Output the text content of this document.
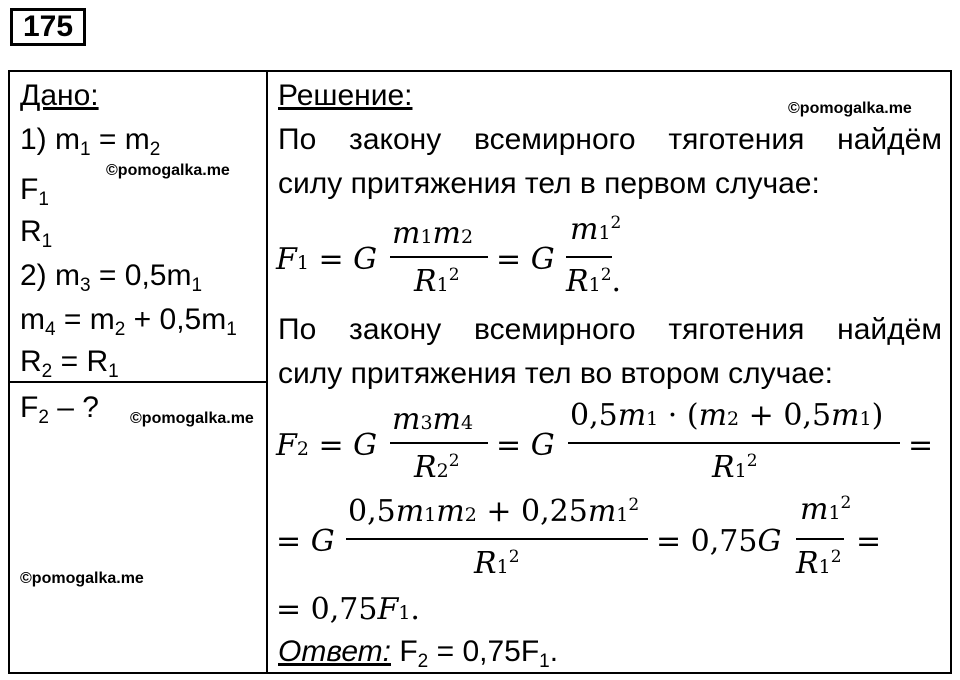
175
Дано:
1) $m_1 = m_2$
$F_1$
$R_1$
2) $m_3 = 0,5m_1$
$m_4 = m_2 + 0,5m_1$
$R_2 = R_1$
$F_2$ – ?
©pomogalka.me
©pomogalka.me
©pomogalka.me
©pomogalka.me
Решение:
По закону всемирного тяготения найдём
силу притяжения тел в первом случае:
F1 = G
m1m2
$R1^2 = G$
$m1^2$
$R1^2$.
По закону всемирного тяготения найдём
силу притяжения тел во втором случае:
F2 = G
m3m4
$R2^2 = G$
0,5m1 · (m2 + 0,5m1)
$R1^2$	=
= G
$0,5m1m2 + 0,25m1^2$
$R1^2$	= 0,75G
$m1^2$
$R1^2$ =
= 0,75F1.
Ответ: $F_2 = 0,75F_1$.
